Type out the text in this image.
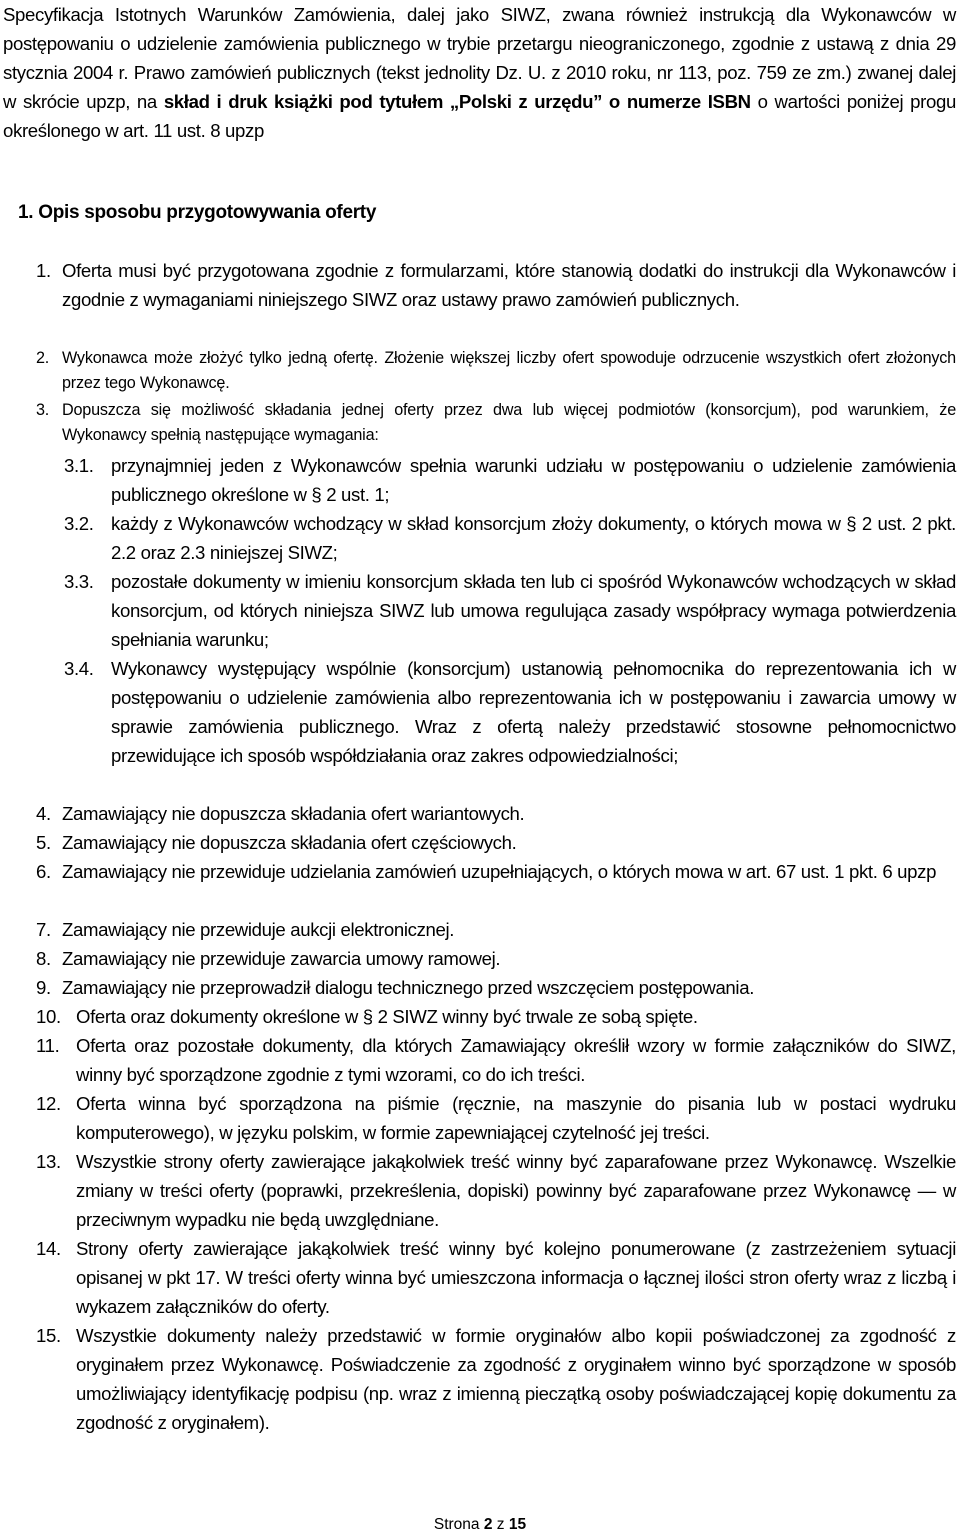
Specyfikacja Istotnych Warunków Zamówienia, dalej jako SIWZ, zwana również instrukcją dla Wykonawców w postępowaniu o udzielenie zamówienia publicznego w trybie przetargu nieograniczonego, zgodnie z ustawą z dnia 29 stycznia 2004 r. Prawo zamówień publicznych (tekst jednolity Dz. U. z 2010 roku, nr 113, poz. 759 ze zm.) zwanej dalej w skrócie upzp, na skład i druk książki pod tytułem „Polski z urzędu” o numerze ISBN o wartości poniżej progu określonego w art. 11 ust. 8 upzp

1. Opis sposobu przygotowywania oferty
1. Oferta musi być przygotowana zgodnie z formularzami, które stanowią dodatki do instrukcji dla Wykonawców i zgodnie z wymaganiami niniejszego SIWZ oraz ustawy prawo zamówień publicznych.
2. Wykonawca może złożyć tylko jedną ofertę. Złożenie większej liczby ofert spowoduje odrzucenie wszystkich ofert złożonych przez tego Wykonawcę.
3. Dopuszcza się możliwość składania jednej oferty przez dwa lub więcej podmiotów (konsorcjum), pod warunkiem, że Wykonawcy spełnią następujące wymagania:
3.1. przynajmniej jeden z Wykonawców spełnia warunki udziału w postępowaniu o udzielenie zamówienia publicznego określone w § 2 ust. 1;
3.2. każdy z Wykonawców wchodzący w skład konsorcjum złoży dokumenty, o których mowa w § 2 ust. 2 pkt. 2.2 oraz 2.3 niniejszej SIWZ;
3.3. pozostałe dokumenty w imieniu konsorcjum składa ten lub ci spośród Wykonawców wchodzących w skład konsorcjum, od których niniejsza SIWZ lub umowa regulująca zasady współpracy wymaga potwierdzenia spełniania warunku;
3.4. Wykonawcy występujący wspólnie (konsorcjum) ustanowią pełnomocnika do reprezentowania ich w postępowaniu o udzielenie zamówienia albo reprezentowania ich w postępowaniu i zawarcia umowy w sprawie zamówienia publicznego. Wraz z ofertą należy przedstawić stosowne pełnomocnictwo przewidujące ich sposób współdziałania oraz zakres odpowiedzialności;
4. Zamawiający nie dopuszcza składania ofert wariantowych.
5. Zamawiający nie dopuszcza składania ofert częściowych.
6. Zamawiający nie przewiduje udzielania zamówień uzupełniających, o których mowa w art. 67 ust. 1 pkt. 6 upzp
7. Zamawiający nie przewiduje aukcji elektronicznej.
8. Zamawiający nie przewiduje zawarcia umowy ramowej.
9. Zamawiający nie przeprowadził dialogu technicznego przed wszczęciem postępowania.
10. Oferta oraz dokumenty określone w § 2 SIWZ winny być trwale ze sobą spięte.
11. Oferta oraz pozostałe dokumenty, dla których Zamawiający określił wzory w formie załączników do SIWZ, winny być sporządzone zgodnie z tymi wzorami, co do ich treści.
12. Oferta winna być sporządzona na piśmie (ręcznie, na maszynie do pisania lub w postaci wydruku komputerowego), w języku polskim, w formie zapewniającej czytelność jej treści.
13. Wszystkie strony oferty zawierające jakąkolwiek treść winny być zaparafowane przez Wykonawcę. Wszelkie zmiany w treści oferty (poprawki, przekreślenia, dopiski) powinny być zaparafowane przez Wykonawcę — w przeciwnym wypadku nie będą uwzględniane.
14. Strony oferty zawierające jakąkolwiek treść winny być kolejno ponumerowane (z zastrzeżeniem sytuacji opisanej w pkt 17. W treści oferty winna być umieszczona informacja o łącznej ilości stron oferty wraz z liczbą i wykazem załączników do oferty.
15. Wszystkie dokumenty należy przedstawić w formie oryginałów albo kopii poświadczonej za zgodność z oryginałem przez Wykonawcę. Poświadczenie za zgodność z oryginałem winno być sporządzone w sposób umożliwiający identyfikację podpisu (np. wraz z imienną pieczątką osoby poświadczającej kopię dokumentu za zgodność z oryginałem).
Strona 2 z 15
